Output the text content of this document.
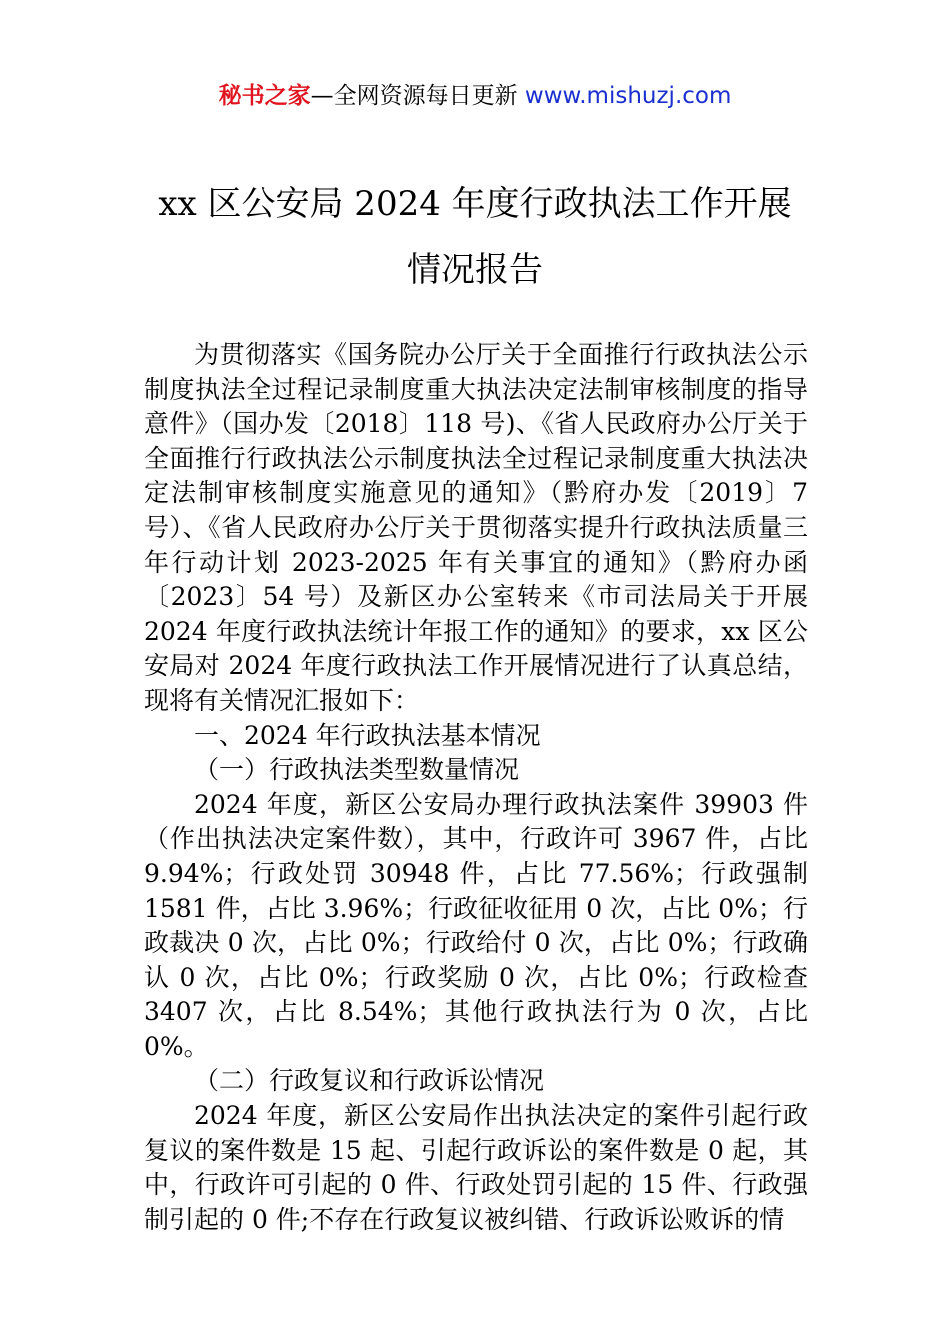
秘书之家—全网资源每日更新 www.mishuzj.com
xx 区公安局 2024 年度行政执法工作开展
情况报告

为贯彻落实《国务院办公厅关于全面推行行政执法公示制度执法全过程记录制度重大执法决定法制审核制度的指导意件》（国办发〔2018〕118 号)、《省人民政府办公厅关于全面推行行政执法公示制度执法全过程记录制度重大执法决定法制审核制度实施意见的通知》（黔府办发〔2019〕7 号）、《省人民政府办公厅关于贯彻落实提升行政执法质量三年行动计划 2023-2025 年有关事宜的通知》（黔府办函〔2023〕54 号）及新区办公室转来《市司法局关于开展 2024 年度行政执法统计年报工作的通知》的要求，xx 区公安局对 2024 年度行政执法工作开展情况进行了认真总结，现将有关情况汇报如下：

一、2024 年行政执法基本情况

（一）行政执法类型数量情况

2024 年度，新区公安局办理行政执法案件 39903 件（作出执法决定案件数），其中，行政许可 3967 件，占比 9.94%；行政处罚 30948 件，占比 77.56%；行政强制 1581 件，占比 3.96%；行政征收征用 0 次，占比 0%；行政裁决 0 次，占比 0%；行政给付 0 次，占比 0%；行政确认 0 次，占比 0%；行政奖励 0 次，占比 0%；行政检查 3407 次，占比 8.54%；其他行政执法行为 0 次，占比 0%。

（二）行政复议和行政诉讼情况

2024 年度，新区公安局作出执法决定的案件引起行政复议的案件数是 15 起、引起行政诉讼的案件数是 0 起，其中，行政许可引起的 0 件、行政处罚引起的 15 件、行政强制引起的 0 件;不存在行政复议被纠错、行政诉讼败诉的情
